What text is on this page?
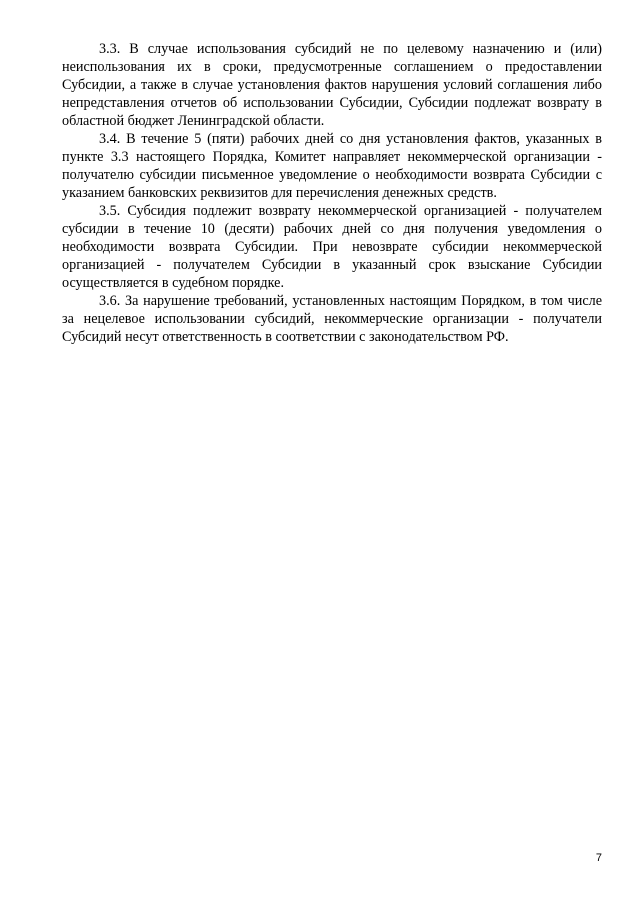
3.3. В случае использования субсидий не по целевому назначению и (или) неиспользования их в сроки, предусмотренные соглашением о предоставлении Субсидии, а также в случае установления фактов нарушения условий соглашения либо непредставления отчетов об использовании Субсидии, Субсидии подлежат возврату в областной бюджет Ленинградской области.

3.4. В течение 5 (пяти) рабочих дней со дня установления фактов, указанных в пункте 3.3 настоящего Порядка, Комитет направляет некоммерческой организации - получателю субсидии письменное уведомление о необходимости возврата Субсидии с указанием банковских реквизитов для перечисления денежных средств.

3.5. Субсидия подлежит возврату некоммерческой организацией - получателем субсидии в течение 10 (десяти) рабочих дней со дня получения уведомления о необходимости возврата Субсидии. При невозврате субсидии некоммерческой организацией - получателем Субсидии в указанный срок взыскание Субсидии осуществляется в судебном порядке.

3.6. За нарушение требований, установленных настоящим Порядком, в том числе за нецелевое использовании субсидий, некоммерческие организации - получатели Субсидий несут ответственность в соответствии с законодательством РФ.

7
